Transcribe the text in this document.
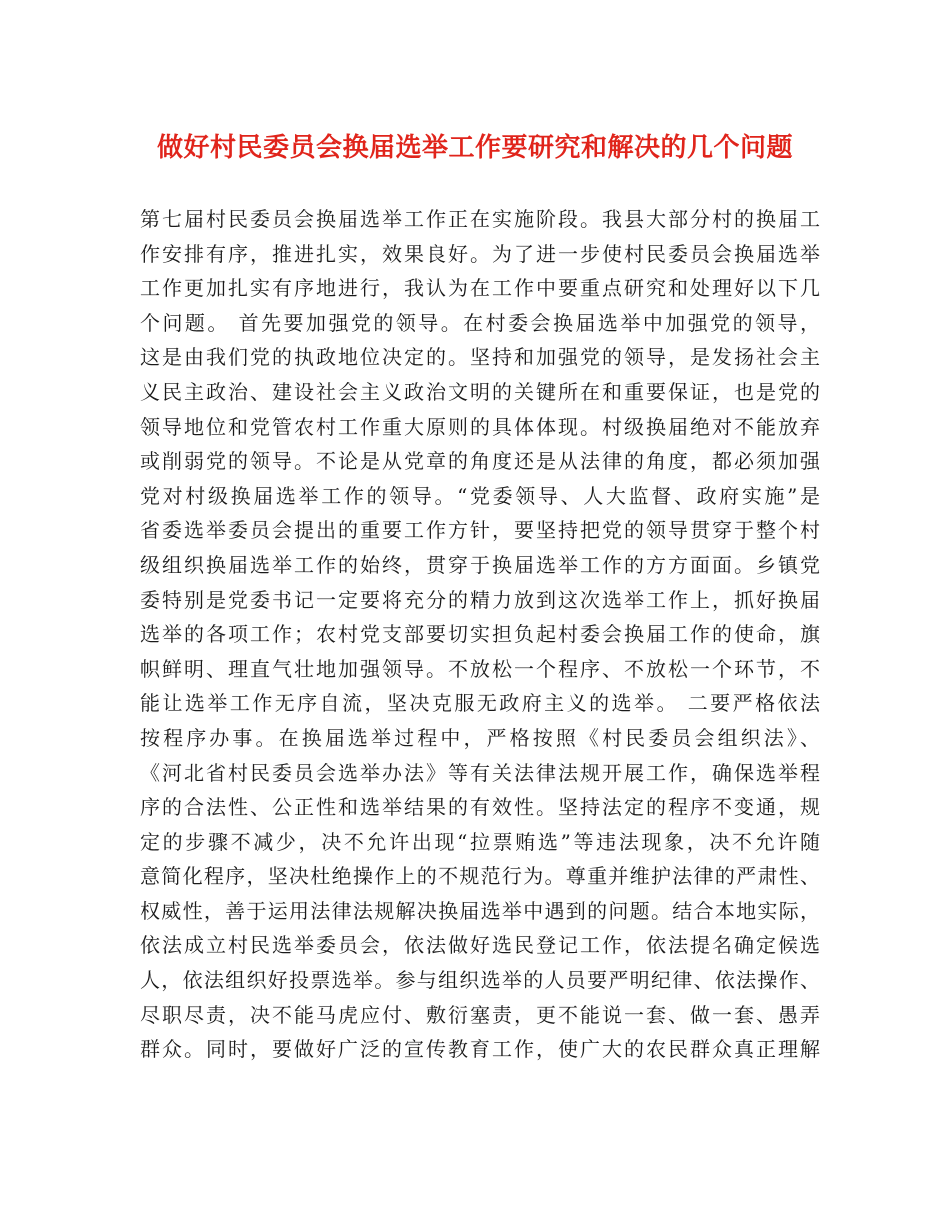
做好村民委员会换届选举工作要研究和解决的几个问题
第七届村民委员会换届选举工作正在实施阶段。我县大部分村的换届工
作安排有序，推进扎实，效果良好。为了进一步使村民委员会换届选举
工作更加扎实有序地进行，我认为在工作中要重点研究和处理好以下几
个问题。 首先要加强党的领导。在村委会换届选举中加强党的领导，
这是由我们党的执政地位决定的。坚持和加强党的领导，是发扬社会主
义民主政治、建设社会主义政治文明的关键所在和重要保证，也是党的
领导地位和党管农村工作重大原则的具体体现。村级换届绝对不能放弃
或削弱党的领导。不论是从党章的角度还是从法律的角度，都必须加强
党对村级换届选举工作的领导。“党委领导、人大监督、政府实施”是
省委选举委员会提出的重要工作方针，要坚持把党的领导贯穿于整个村
级组织换届选举工作的始终，贯穿于换届选举工作的方方面面。乡镇党
委特别是党委书记一定要将充分的精力放到这次选举工作上，抓好换届
选举的各项工作；农村党支部要切实担负起村委会换届工作的使命，旗
帜鲜明、理直气壮地加强领导。不放松一个程序、不放松一个环节，不
能让选举工作无序自流，坚决克服无政府主义的选举。 二要严格依法
按程序办事。在换届选举过程中，严格按照《村民委员会组织法》、
《河北省村民委员会选举办法》等有关法律法规开展工作，确保选举程
序的合法性、公正性和选举结果的有效性。坚持法定的程序不变通，规
定的步骤不减少，决不允许出现“拉票贿选”等违法现象，决不允许随
意简化程序，坚决杜绝操作上的不规范行为。尊重并维护法律的严肃性、
权威性，善于运用法律法规解决换届选举中遇到的问题。结合本地实际，
依法成立村民选举委员会，依法做好选民登记工作，依法提名确定候选
人，依法组织好投票选举。参与组织选举的人员要严明纪律、依法操作、
尽职尽责，决不能马虎应付、敷衍塞责，更不能说一套、做一套、愚弄
群众。同时，要做好广泛的宣传教育工作，使广大的农民群众真正理解
